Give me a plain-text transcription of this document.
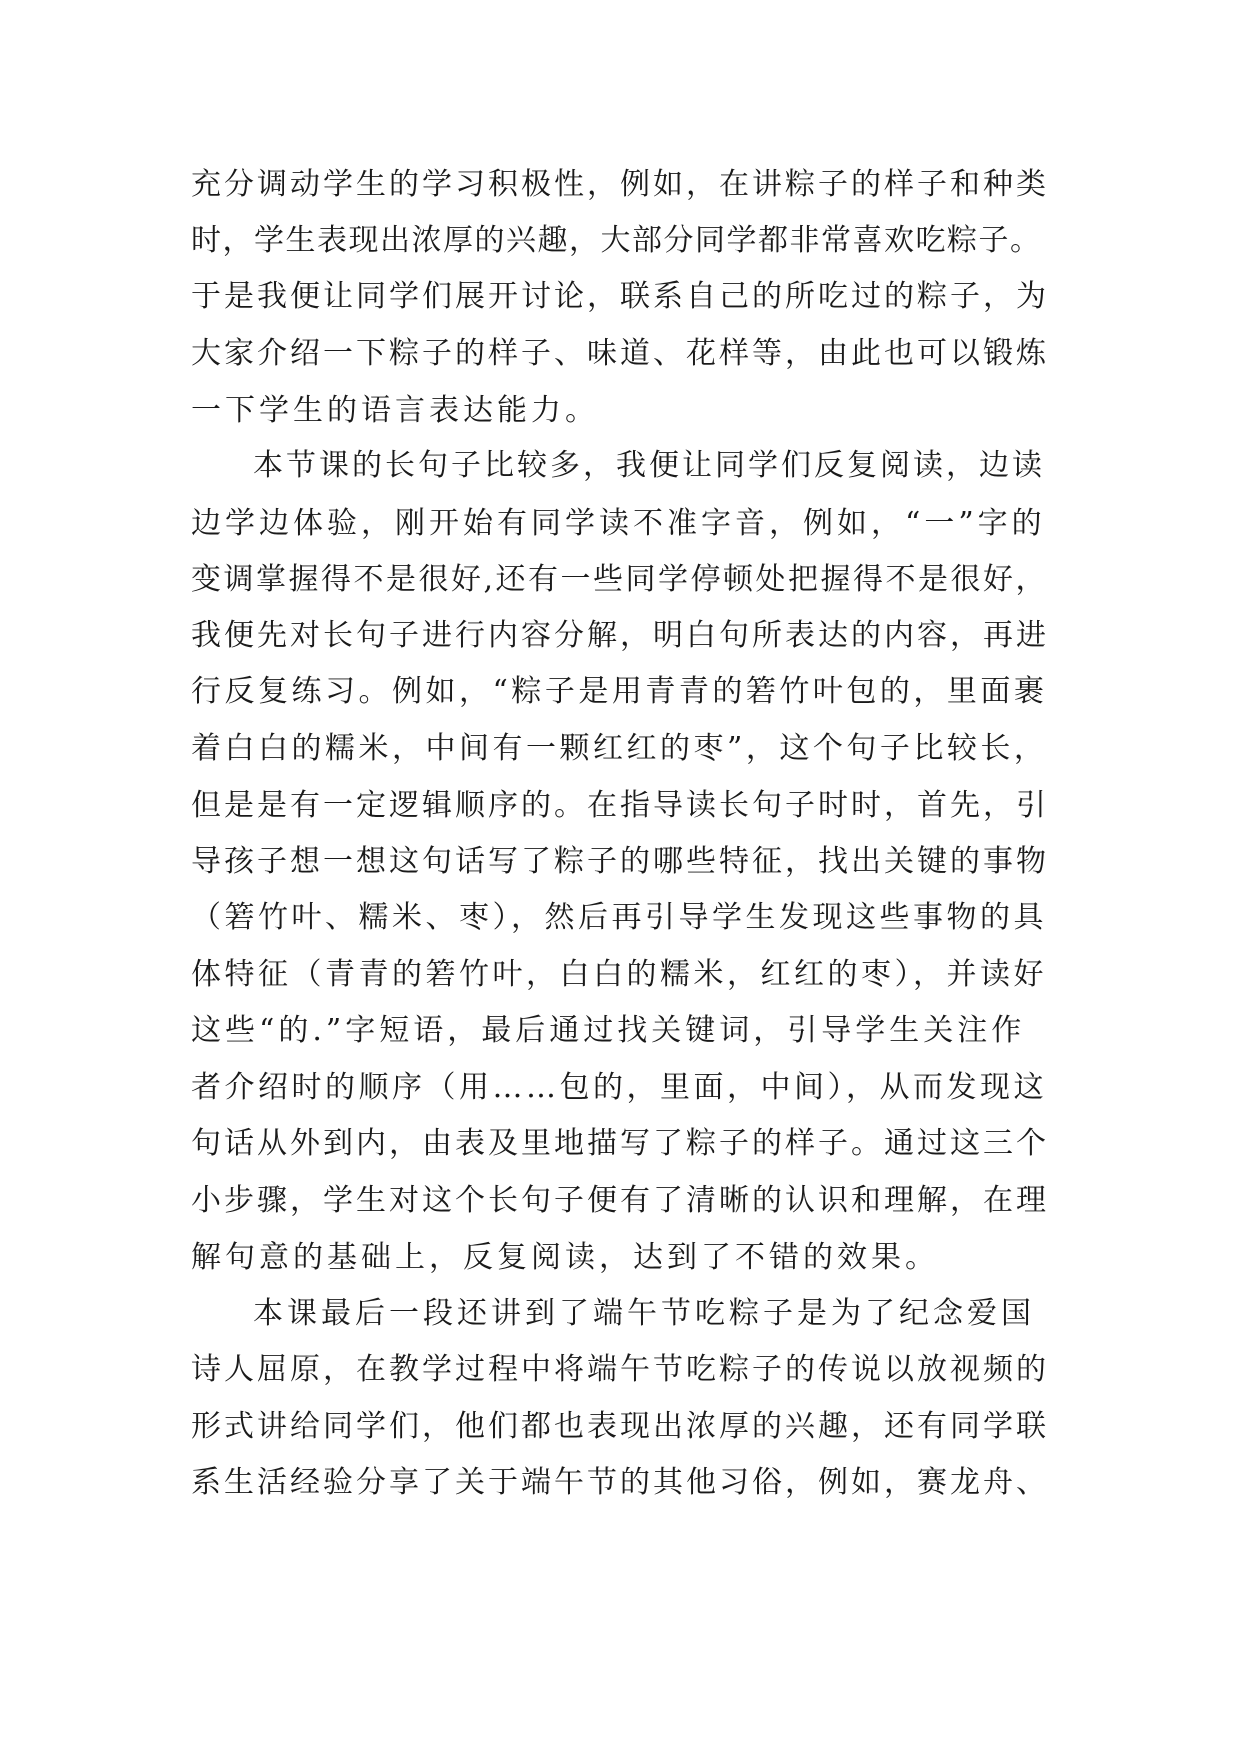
充分调动学生的学习积极性，例如，在讲粽子的样子和种类
时，学生表现出浓厚的兴趣，大部分同学都非常喜欢吃粽子。
于是我便让同学们展开讨论，联系自己的所吃过的粽子，为
大家介绍一下粽子的样子、味道、花样等，由此也可以锻炼
一下学生的语言表达能力。
本节课的长句子比较多，我便让同学们反复阅读，边读
边学边体验，刚开始有同学读不准字音，例如，“一”字的
变调掌握得不是很好,还有一些同学停顿处把握得不是很好，
我便先对长句子进行内容分解，明白句所表达的内容，再进
行反复练习。例如，“粽子是用青青的箬竹叶包的，里面裹
着白白的糯米，中间有一颗红红的枣”，这个句子比较长，
但是是有一定逻辑顺序的。在指导读长句子时时，首先，引
导孩子想一想这句话写了粽子的哪些特征，找出关键的事物
（箬竹叶、糯米、枣），然后再引导学生发现这些事物的具
体特征（青青的箬竹叶，白白的糯米，红红的枣），并读好
这些“的.”字短语，最后通过找关键词，引导学生关注作
者介绍时的顺序（用……包的，里面，中间），从而发现这
句话从外到内，由表及里地描写了粽子的样子。通过这三个
小步骤，学生对这个长句子便有了清晰的认识和理解，在理
解句意的基础上，反复阅读，达到了不错的效果。
本课最后一段还讲到了端午节吃粽子是为了纪念爱国
诗人屈原，在教学过程中将端午节吃粽子的传说以放视频的
形式讲给同学们，他们都也表现出浓厚的兴趣，还有同学联
系生活经验分享了关于端午节的其他习俗，例如，赛龙舟、
